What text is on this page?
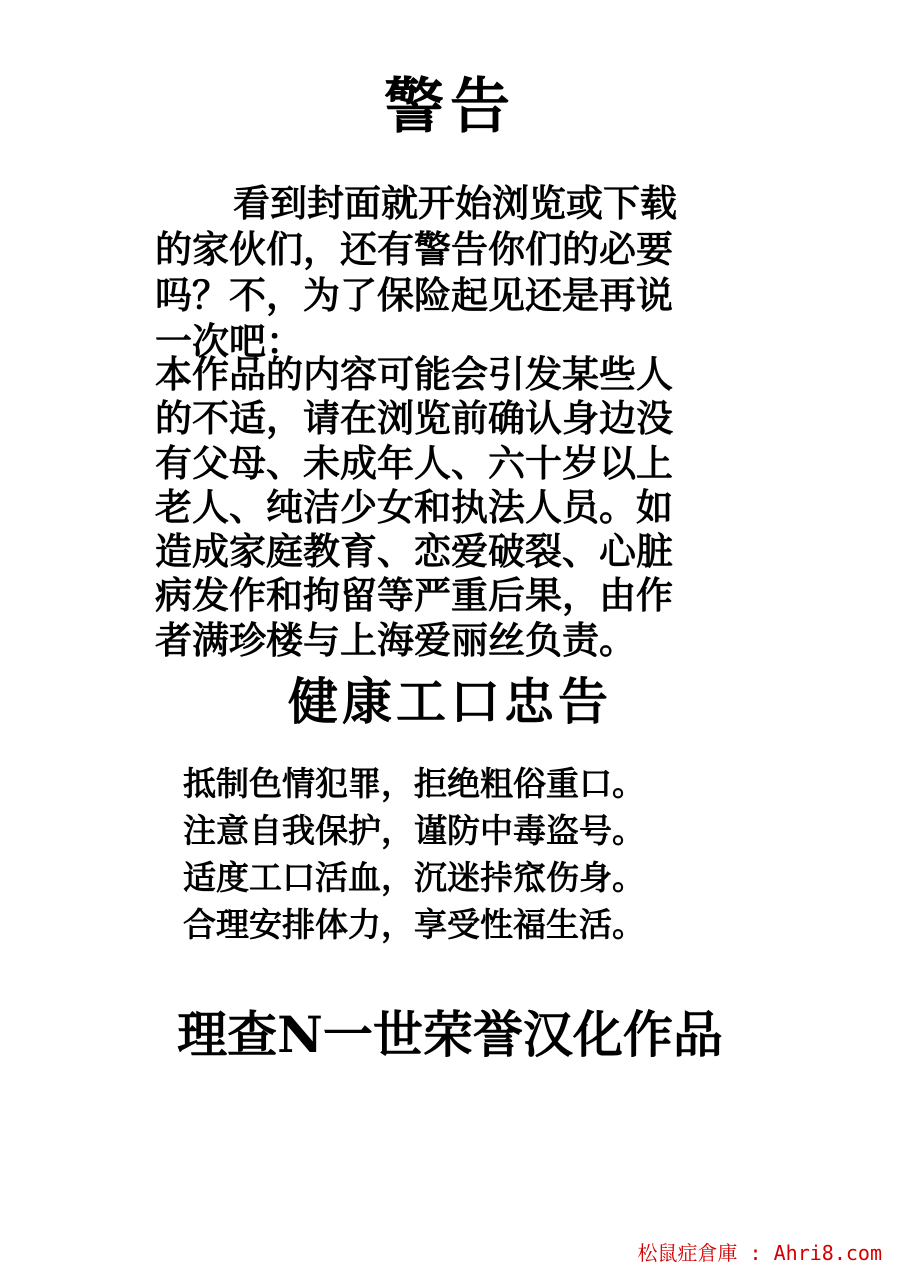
警告

看到封面就开始浏览或下载
的家伙们，还有警告你们的必要
吗？不，为了保险起见还是再说
一次吧：

本作品的内容可能会引发某些人
的不适，请在浏览前确认身边没
有父母、未成年人、六十岁以上
老人、纯洁少女和执法人员。如
造成家庭教育、恋爱破裂、心脏
病发作和拘留等严重后果，由作
者满珍楼与上海爱丽丝负责。

健康工口忠告

抵制色情犯罪，拒绝粗俗重口。
注意自我保护，谨防中毒盗号。
适度工口活血，沉迷挊窊伤身。
合理安排体力，享受性福生活。

理查N一世荣誉汉化作品
松鼠症倉庫 : Ahri8.com
